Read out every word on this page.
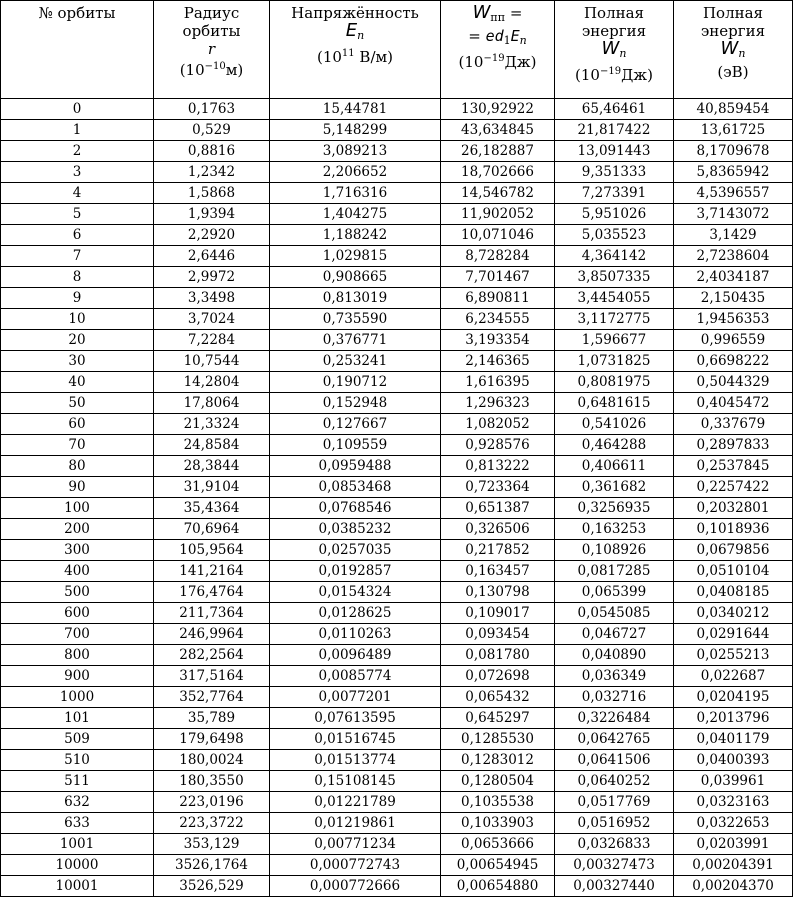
№ орбиты	Радиус
орбиты
r
$(10^{-10}м)$	Напряжённость
$E_n$
($10^{11}$ В/м)	$W_{пп}$ =
= $ed_1E_n$
$(10^{-19}Дж)$	Полная
энергия
$W_n$
$(10^{-19}Дж)$	Полная
энергия
$W_n$
(эВ)

0	0,1763	15,44781	130,92922	65,46461	40,859454
1	0,529	5,148299	43,634845	21,817422	13,61725
2	0,8816	3,089213	26,182887	13,091443	8,1709678
3	1,2342	2,206652	18,702666	9,351333	5,8365942
4	1,5868	1,716316	14,546782	7,273391	4,5396557
5	1,9394	1,404275	11,902052	5,951026	3,7143072
6	2,2920	1,188242	10,071046	5,035523	3,1429
7	2,6446	1,029815	8,728284	4,364142	2,7238604
8	2,9972	0,908665	7,701467	3,8507335	2,4034187
9	3,3498	0,813019	6,890811	3,4454055	2,150435
10	3,7024	0,735590	6,234555	3,1172775	1,9456353
20	7,2284	0,376771	3,193354	1,596677	0,996559
30	10,7544	0,253241	2,146365	1,0731825	0,6698222
40	14,2804	0,190712	1,616395	0,8081975	0,5044329
50	17,8064	0,152948	1,296323	0,6481615	0,4045472
60	21,3324	0,127667	1,082052	0,541026	0,337679
70	24,8584	0,109559	0,928576	0,464288	0,2897833
80	28,3844	0,0959488	0,813222	0,406611	0,2537845
90	31,9104	0,0853468	0,723364	0,361682	0,2257422
100	35,4364	0,0768546	0,651387	0,3256935	0,2032801
200	70,6964	0,0385232	0,326506	0,163253	0,1018936
300	105,9564	0,0257035	0,217852	0,108926	0,0679856
400	141,2164	0,0192857	0,163457	0,0817285	0,0510104
500	176,4764	0,0154324	0,130798	0,065399	0,0408185
600	211,7364	0,0128625	0,109017	0,0545085	0,0340212
700	246,9964	0,0110263	0,093454	0,046727	0,0291644
800	282,2564	0,0096489	0,081780	0,040890	0,0255213
900	317,5164	0,0085774	0,072698	0,036349	0,022687
1000	352,7764	0,0077201	0,065432	0,032716	0,0204195
101	35,789	0,07613595	0,645297	0,3226484	0,2013796
509	179,6498	0,01516745	0,1285530	0,0642765	0,0401179
510	180,0024	0,01513774	0,1283012	0,0641506	0,0400393
511	180,3550	0,15108145	0,1280504	0,0640252	0,039961
632	223,0196	0,01221789	0,1035538	0,0517769	0,0323163
633	223,3722	0,01219861	0,1033903	0,0516952	0,0322653
1001	353,129	0,00771234	0,0653666	0,0326833	0,0203991
10000	3526,1764	0,000772743	0,00654945	0,00327473	0,00204391
10001	3526,529	0,000772666	0,00654880	0,00327440	0,00204370
